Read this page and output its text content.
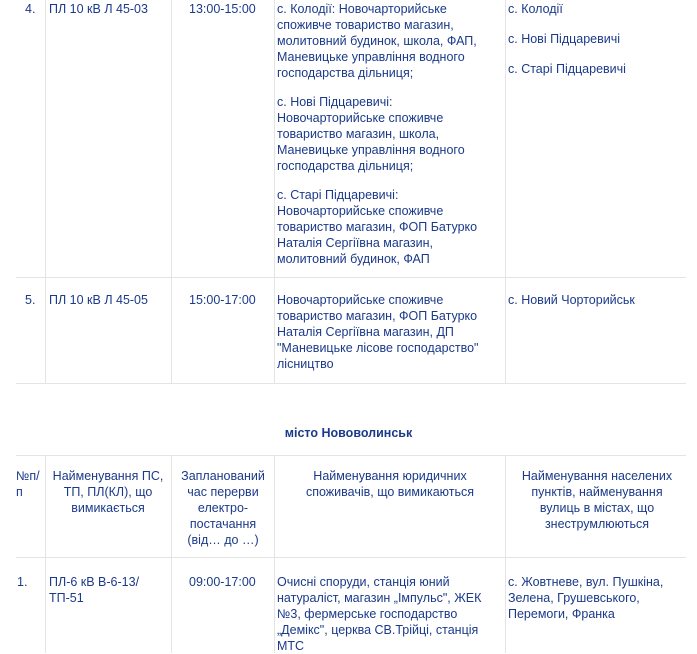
4. ПЛ 10 кВ Л 45-03	13:00-15:00 с. Колодії: Новочарторийське споживче товариство магазин, молитовний будинок, школа, ФАП, Маневицьке управління водного господарства дільниця;

с. Нові Підцаревичі: Новочарторийське споживче товариство магазин, школа, Маневицьке управління водного господарства дільниця;

с. Старі Підцаревичі: Новочарторийське споживче товариство магазин, ФОП Батурко Наталія Сергіївна магазин, молитовний будинок, ФАП

с. Колодії

с. Нові Підцаревичі

с. Старі Підцаревичі

5. ПЛ 10 кВ Л 45-05	15:00-17:00 Новочарторийське споживче товариство магазин, ФОП Батурко Наталія Сергіївна магазин, ДП "Маневицьке лісове господарство" лісництво

с. Новий Чорторийськ

місто Нововолинськ
№п/п
Найменування ПС, ТП, ПЛ(КЛ), що вимикається
Запланований час перерви електро-постачання (від… до …)
Найменування юридичних споживачів, що вимикаються
Найменування населених пунктів, найменування вулиць в містах, що знеструмлюються
1. ПЛ-6 кВ В-6-13/ ТП-51
09:00-17:00 Очисні споруди, станція юний натураліст, магазин „Імпульс", ЖЕК №3, фермерське господарство „Демікс", церква СВ.Трійці, станція МТС
с. Жовтневе, вул. Пушкіна, Зелена, Грушевського, Перемоги, Франка
